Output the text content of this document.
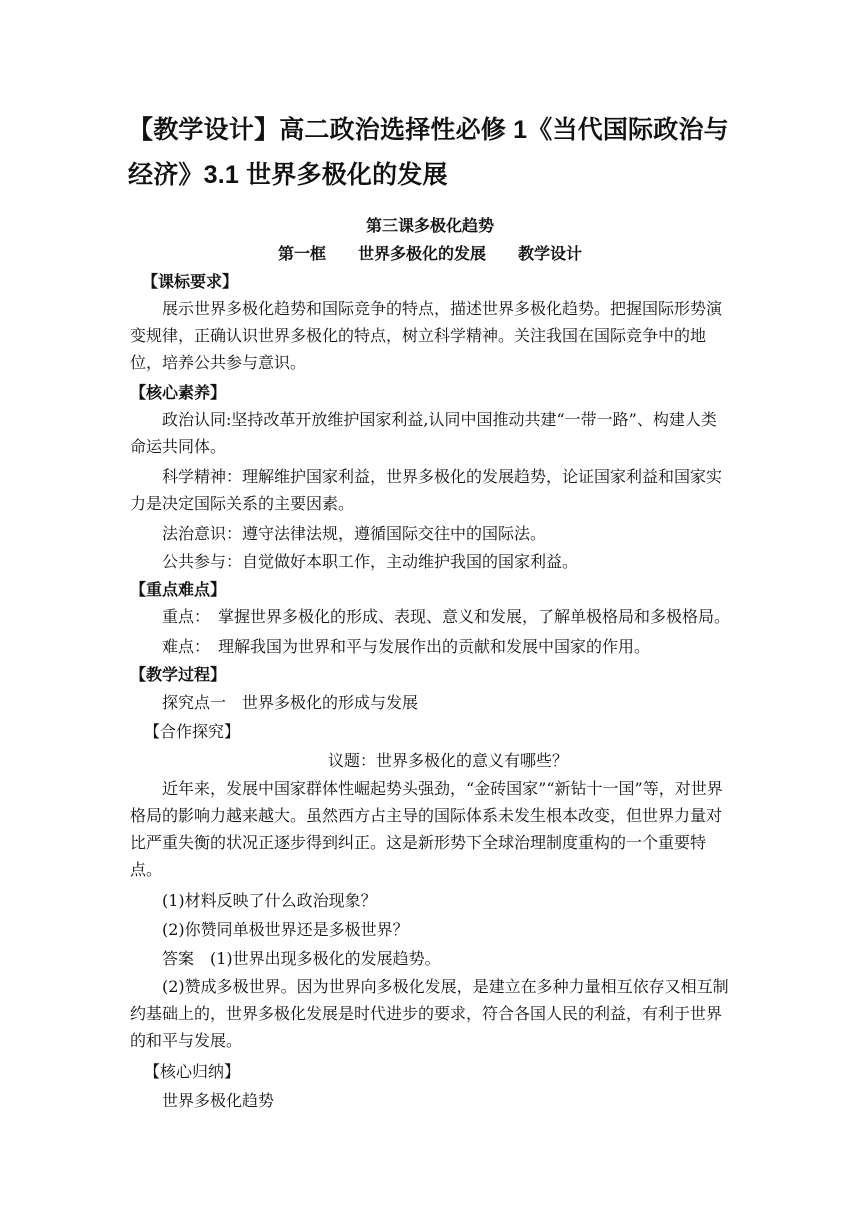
【教学设计】高二政治选择性必修 1《当代国际政治与经济》3.1 世界多极化的发展
第三课多极化趋势
第一框　　世界多极化的发展　　教学设计
【课标要求】
展示世界多极化趋势和国际竞争的特点，描述世界多极化趋势。把握国际形势演变规律，正确认识世界多极化的特点，树立科学精神。关注我国在国际竞争中的地位，培养公共参与意识。
【核心素养】
政治认同:坚持改革开放维护国家利益,认同中国推动共建“一带一路”、构建人类命运共同体。
科学精神：理解维护国家利益，世界多极化的发展趋势，论证国家利益和国家实力是决定国际关系的主要因素。
法治意识：遵守法律法规，遵循国际交往中的国际法。
公共参与：自觉做好本职工作，主动维护我国的国家利益。
【重点难点】
重点：　掌握世界多极化的形成、表现、意义和发展，了解单极格局和多极格局。
难点：　理解我国为世界和平与发展作出的贡献和发展中国家的作用。
【教学过程】
探究点一　世界多极化的形成与发展
【合作探究】
议题：世界多极化的意义有哪些？
近年来，发展中国家群体性崛起势头强劲，“金砖国家”“新钻十一国”等，对世界格局的影响力越来越大。虽然西方占主导的国际体系未发生根本改变，但世界力量对比严重失衡的状况正逐步得到纠正。这是新形势下全球治理制度重构的一个重要特点。
(1)材料反映了什么政治现象？
(2)你赞同单极世界还是多极世界？
答案　(1)世界出现多极化的发展趋势。
(2)赞成多极世界。因为世界向多极化发展，是建立在多种力量相互依存又相互制约基础上的，世界多极化发展是时代进步的要求，符合各国人民的利益，有利于世界的和平与发展。
【核心归纳】
世界多极化趋势
